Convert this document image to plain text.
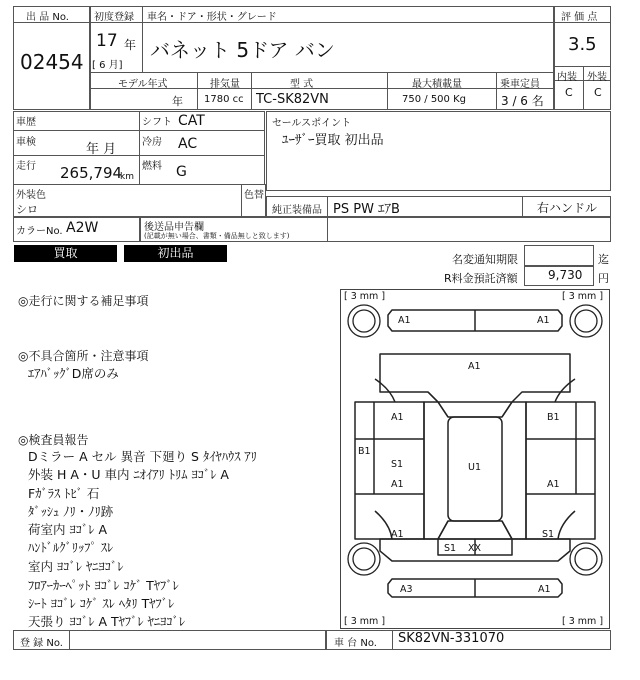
出 品 No.
02454
初度登録 車名・ドア・形状・グレード
17 年
[ 6 月]
バネット 5ドア バン
モデル年式	排気量	型 式	最大積載量	乗車定員
年 1780 cc TC-SK82VN	750 / 500 Kg	3 / 6 名
評 価 点
3.5
内装 外装
C C
車歴	シフト CAT
車検	年 月	冷房 AC
走行 265,794
km
燃料 G
セールスポイント
ﾕｰｻﾞｰ買取 初出品
外装色
シロ
色替
純正装備品 PS PW ｴｱB	右ハンドル
カラーNo. A2W	後送品申告欄
(記載が無い場合、書類・備品無しと致します)
買取	初出品	名変通知期限	迄
R料金預託済額	9,730 円
◎走行に関する補足事項
◎不具合箇所・注意事項
ｴｱﾊﾞｯｸﾞD席のみ
◎検査員報告
Dミラー A セル 異音 下廻り S ﾀｲﾔﾊｳｽ ｱﾘ
外装 H A・U 車内 ﾆｵｲｱﾘ ﾄﾘﾑ ﾖｺﾞﾚ A
Fｶﾞﾗｽ ﾄﾋﾞ 石
ﾀﾞｯｼｭ ﾉﾘ・ﾉﾘ跡
荷室内 ﾖｺﾞﾚ A
ﾊﾝﾄﾞﾙｸﾞﾘｯﾌﾟ ｽﾚ
室内 ﾖｺﾞﾚ ﾔﾆﾖｺﾞﾚ
ﾌﾛｱｰｶｰﾍﾟｯﾄ ﾖｺﾞﾚ ｺｹﾞ Tﾔﾌﾞﾚ
ｼｰﾄ ﾖｺﾞﾚ ｺｹﾞ ｽﾚ ﾍﾀﾘ Tﾔﾌﾞﾚ
天張り ﾖｺﾞﾚ A Tﾔﾌﾞﾚ ﾔﾆﾖｺﾞﾚ
[ 3 mm ]	[ 3 mm ]
[ 3 mm ]	[ 3 mm ]
A1	A1
A1
A1	B1
B1
S1
A1
U1
A1
A1	S1
S1 XX
A3	A1
登 録 No.	車 台 No. SK82VN-331070
